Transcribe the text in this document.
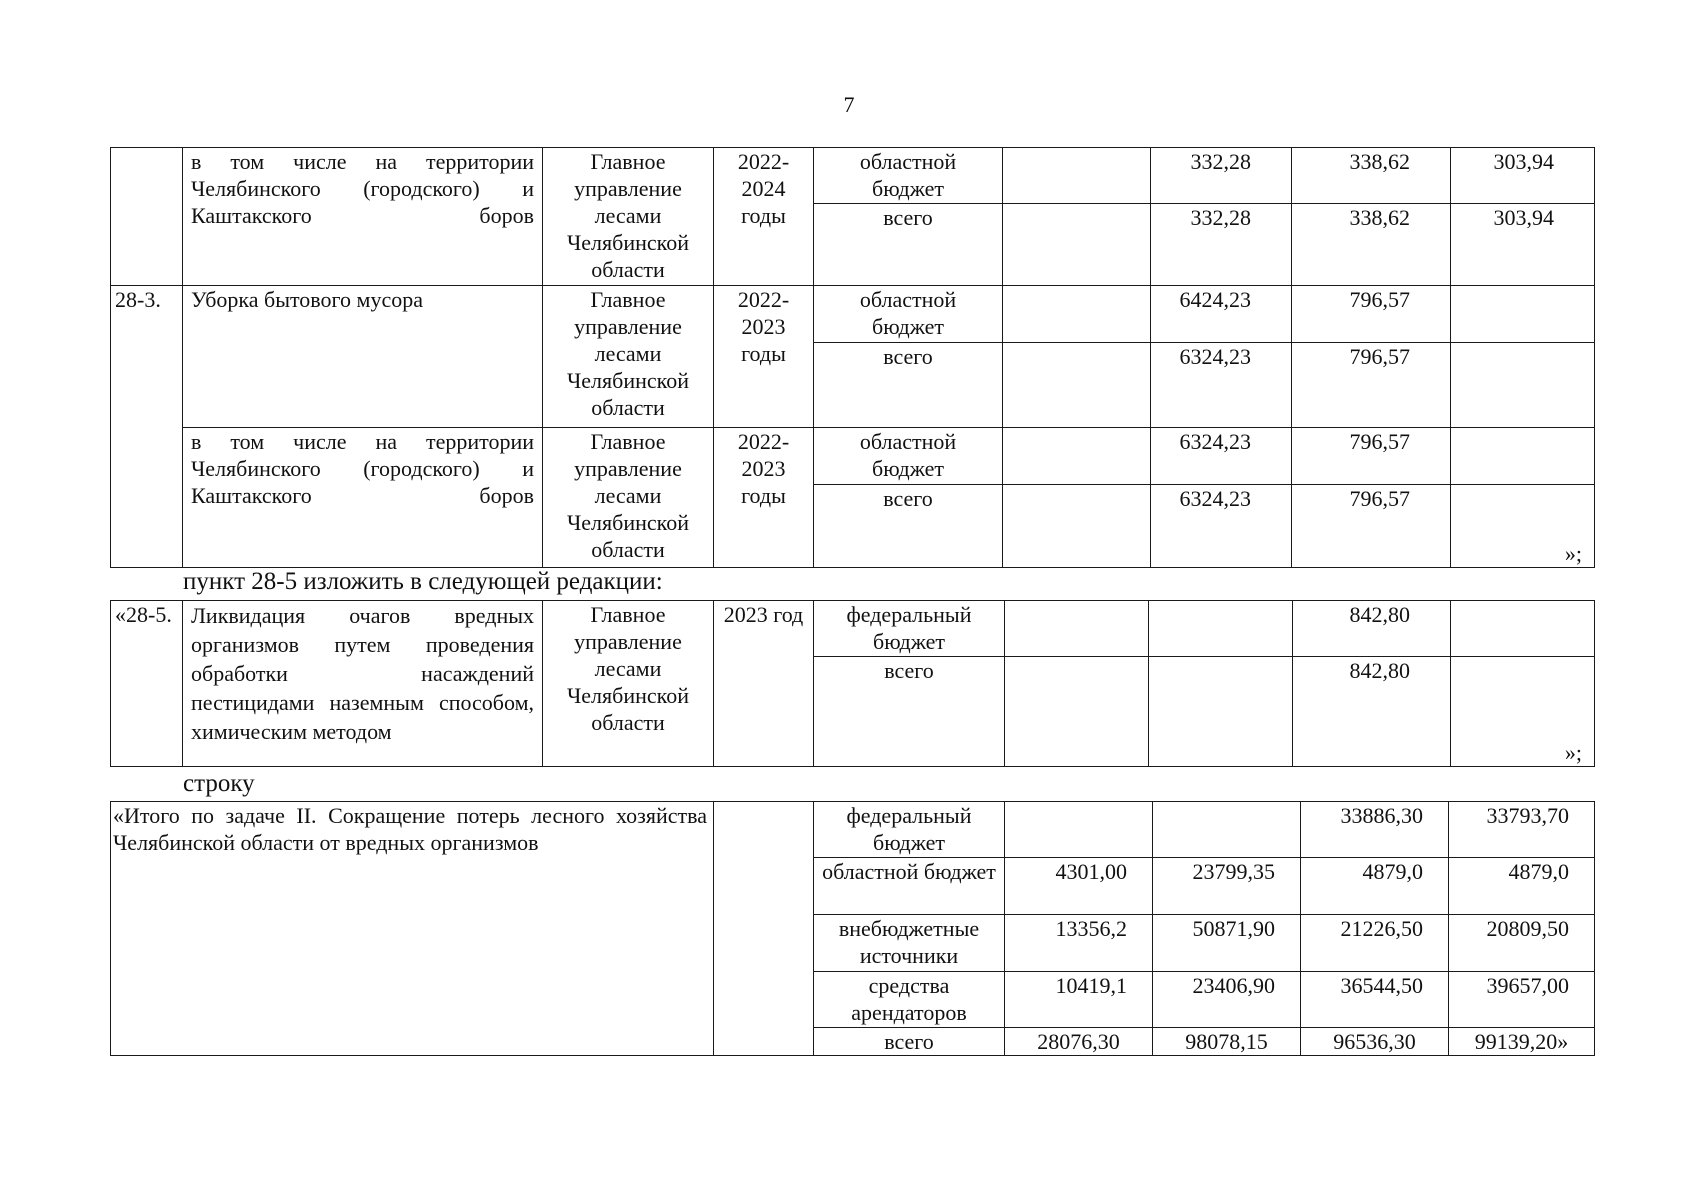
7
	в том числе на территории Челябинского (городского) и Каштакского боров	Главное управление лесами Челябинской области	2022-2024 годы	областной бюджет		332,28	338,62	303,94
				всего		332,28	338,62	303,94
28-3.	Уборка бытового мусора	Главное управление лесами Челябинской области	2022-2023 годы	областной бюджет		6424,23	796,57	
				всего		6324,23	796,57	
	в том числе на территории Челябинского (городского) и Каштакского боров	Главное управление лесами Челябинской области	2022-2023 годы	областной бюджет		6324,23	796,57	
				всего		6324,23	796,57	»;
пункт 28-5 изложить в следующей редакции:
«28-5.	Ликвидация очагов вредных организмов путем проведения обработки насаждений пестицидами наземным способом, химическим методом	Главное управление лесами Челябинской области	2023 год	федеральный бюджет			842,80	
				всего			842,80	»;
строку
«Итого по задаче II. Сокращение потерь лесного хозяйства Челябинской области от вредных организмов		федеральный бюджет			33886,30	33793,70
		областной бюджет	4301,00	23799,35	4879,0	4879,0
		внебюджетные источники	13356,2	50871,90	21226,50	20809,50
		средства арендаторов	10419,1	23406,90	36544,50	39657,00
		всего	28076,30	98078,15	96536,30	99139,20»
